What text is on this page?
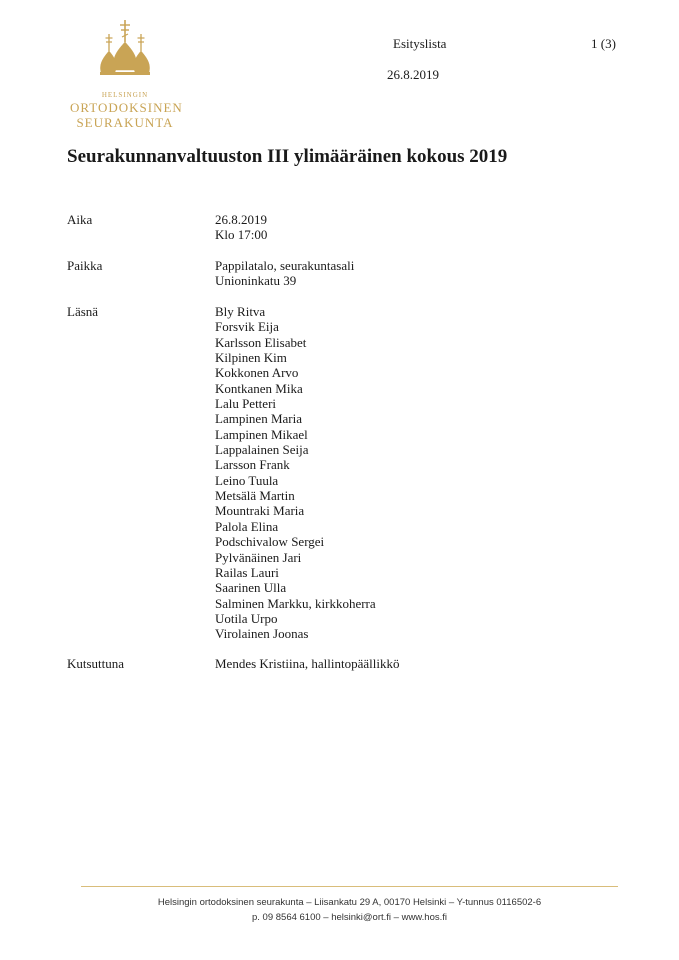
HELSINGIN
ORTODOKSINEN
SEURAKUNTA
Esityslista	1 (3)
26.8.2019
Seurakunnanvaltuuston III ylimääräinen kokous 2019
Aika	26.8.2019
Klo 17:00
Paikka	Pappilatalo, seurakuntasali
Unioninkatu 39
Läsnä	Bly Ritva
Forsvik Eija
Karlsson Elisabet
Kilpinen Kim
Kokkonen Arvo
Kontkanen Mika
Lalu Petteri
Lampinen Maria
Lampinen Mikael
Lappalainen Seija
Larsson Frank
Leino Tuula
Metsälä Martin
Mountraki Maria
Palola Elina
Podschivalow Sergei
Pylvänäinen Jari
Railas Lauri
Saarinen Ulla
Salminen Markku, kirkkoherra
Uotila Urpo
Virolainen Joonas
Kutsuttuna	Mendes Kristiina, hallintopäällikkö
Helsingin ortodoksinen seurakunta – Liisankatu 29 A, 00170 Helsinki – Y-tunnus 0116502-6
p. 09 8564 6100 – helsinki@ort.fi – www.hos.fi
